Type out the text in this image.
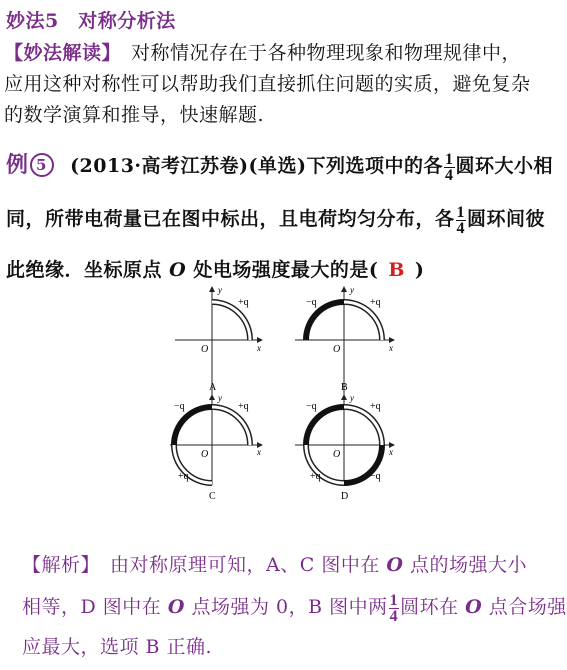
妙法5　对称分析法
【妙法解读】　对称情况存在于各种物理现象和物理规律中，
应用这种对称性可以帮助我们直接抓住问题的实质，避免复杂
的数学演算和推导，快速解题.
例 5 (2013·高考江苏卷)(单选)下列选项中的各 $\frac{1}{4}$ 圆环大小相
同，所带电荷量已在图中标出，且电荷均匀分布，各 $\frac{1}{4}$ 圆环间彼
此绝缘．坐标原点 O 处电场强度最大的是( B )
y
x
O
+q
A
y
x
O
+q
−q
B
y
x
O
+q
−q
+q
C
y
x
O
+q
−q
+q	−q
D
【解析】　由对称原理可知，A、C 图中在 O 点的场强大小
相等，D 图中在 O 点场强为 0，B 图中两 $\frac{1}{4}$ 圆环在 O 点合场强
应最大，选项 B 正确.
